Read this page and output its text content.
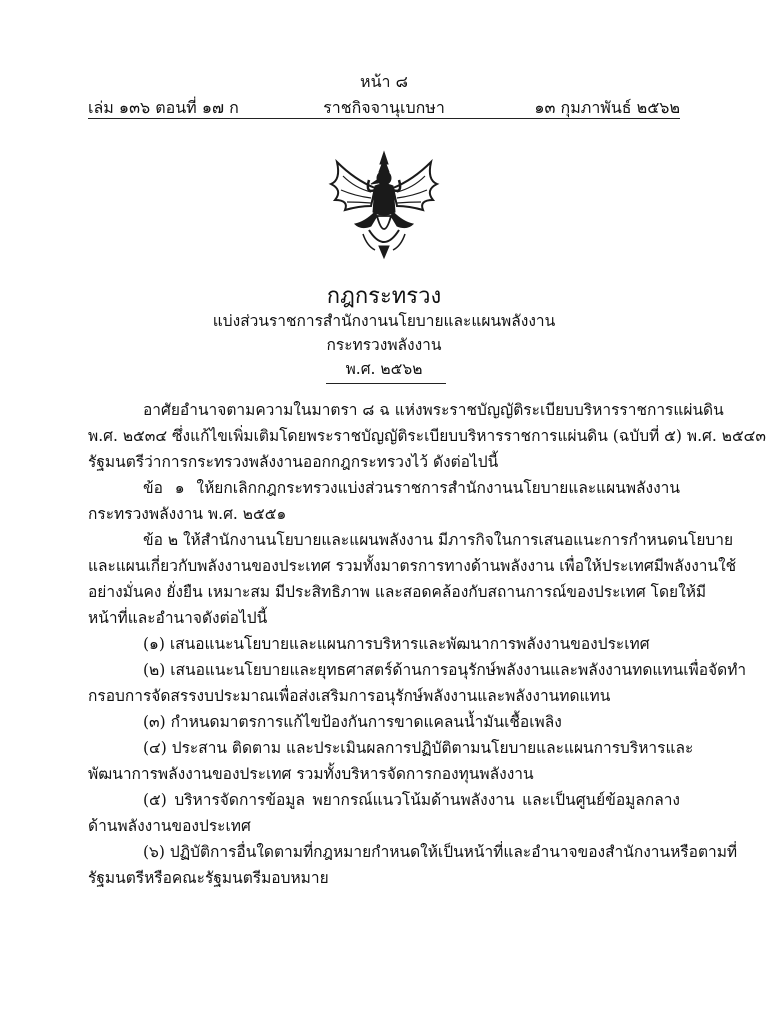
หน้า ๘
ราชกิจจานุเบกษา
เล่ม ๑๓๖ ตอนที่ ๑๗ ก	๑๓ กุมภาพันธ์ ๒๕๖๒
กฎกระทรวง
แบ่งส่วนราชการสำนักงานนโยบายและแผนพลังงาน
กระทรวงพลังงาน
พ.ศ. ๒๕๖๒
อาศัยอำนาจตามความในมาตรา ๘ ฉ แห่งพระราชบัญญัติระเบียบบริหารราชการแผ่นดิน
พ.ศ. ๒๕๓๔ ซึ่งแก้ไขเพิ่มเติมโดยพระราชบัญญัติระเบียบบริหารราชการแผ่นดิน (ฉบับที่ ๕) พ.ศ. ๒๕๔๓
รัฐมนตรีว่าการกระทรวงพลังงานออกกฎกระทรวงไว้ ดังต่อไปนี้
ข้อ ๑ ให้ยกเลิกกฎกระทรวงแบ่งส่วนราชการสำนักงานนโยบายและแผนพลังงาน
กระทรวงพลังงาน พ.ศ. ๒๕๕๑
ข้อ ๒ ให้สำนักงานนโยบายและแผนพลังงาน มีภารกิจในการเสนอแนะการกำหนดนโยบาย
และแผนเกี่ยวกับพลังงานของประเทศ รวมทั้งมาตรการทางด้านพลังงาน เพื่อให้ประเทศมีพลังงานใช้
อย่างมั่นคง ยั่งยืน เหมาะสม มีประสิทธิภาพ และสอดคล้องกับสถานการณ์ของประเทศ โดยให้มี
หน้าที่และอำนาจดังต่อไปนี้
(๑) เสนอแนะนโยบายและแผนการบริหารและพัฒนาการพลังงานของประเทศ
(๒) เสนอแนะนโยบายและยุทธศาสตร์ด้านการอนุรักษ์พลังงานและพลังงานทดแทนเพื่อจัดทำ
กรอบการจัดสรรงบประมาณเพื่อส่งเสริมการอนุรักษ์พลังงานและพลังงานทดแทน
(๓) กำหนดมาตรการแก้ไขป้องกันการขาดแคลนน้ำมันเชื้อเพลิง
(๔) ประสาน ติดตาม และประเมินผลการปฏิบัติตามนโยบายและแผนการบริหารและ
พัฒนาการพลังงานของประเทศ รวมทั้งบริหารจัดการกองทุนพลังงาน
(๕) บริหารจัดการข้อมูล พยากรณ์แนวโน้มด้านพลังงาน และเป็นศูนย์ข้อมูลกลาง
ด้านพลังงานของประเทศ
(๖) ปฏิบัติการอื่นใดตามที่กฎหมายกำหนดให้เป็นหน้าที่และอำนาจของสำนักงานหรือตามที่
รัฐมนตรีหรือคณะรัฐมนตรีมอบหมาย
